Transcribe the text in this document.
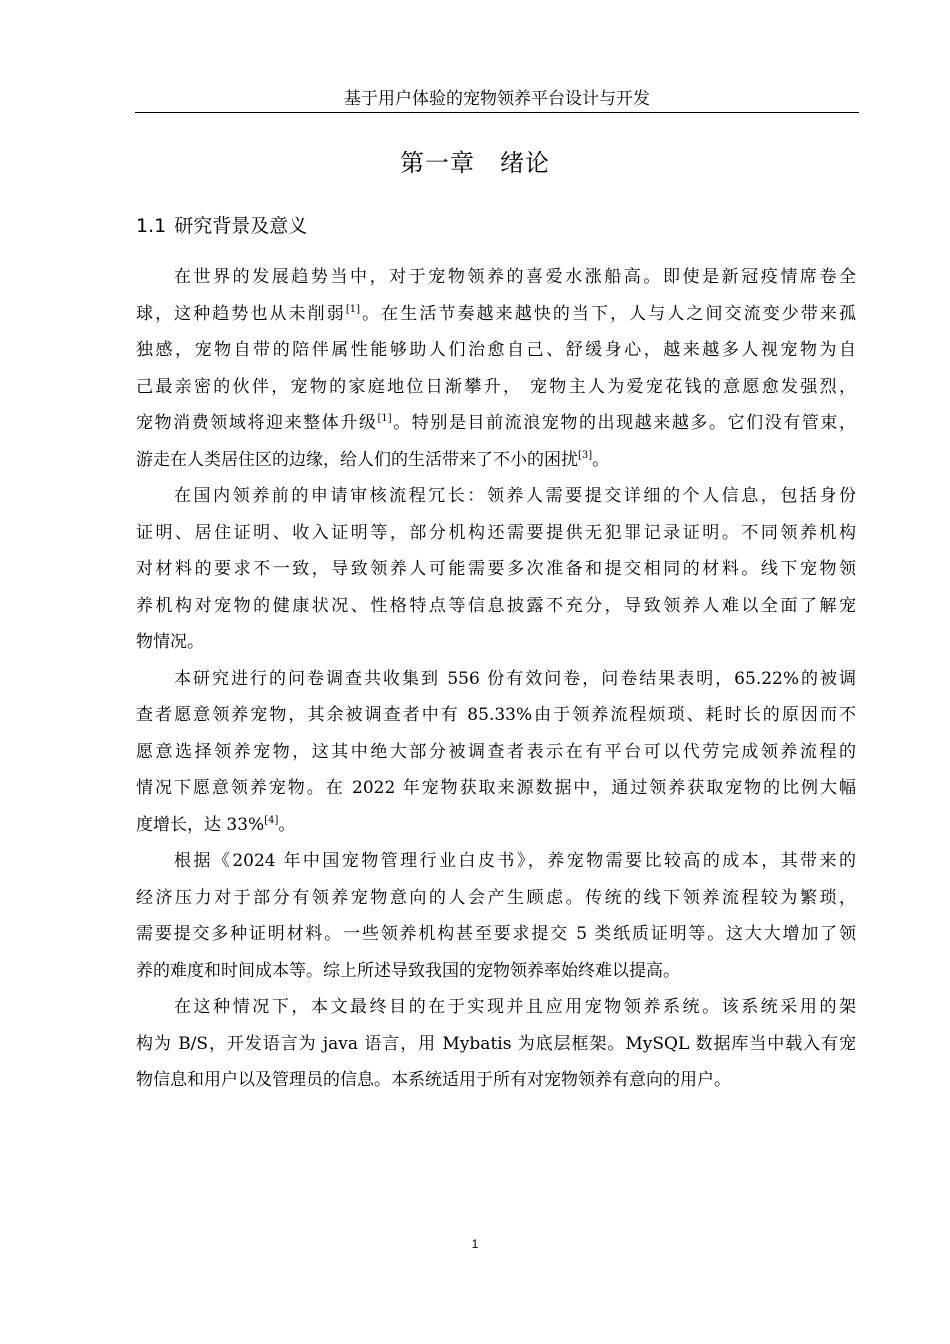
基于用户体验的宠物领养平台设计与开发
第一章　绪论
1.1 研究背景及意义
在世界的发展趋势当中，对于宠物领养的喜爱水涨船高。即使是新冠疫情席卷全
球，这种趋势也从未削弱[1]。在生活节奏越来越快的当下，人与人之间交流变少带来孤
独感，宠物自带的陪伴属性能够助人们治愈自己、舒缓身心，越来越多人视宠物为自
己最亲密的伙伴，宠物的家庭地位日渐攀升， 宠物主人为爱宠花钱的意愿愈发强烈，
宠物消费领域将迎来整体升级[1]。特别是目前流浪宠物的出现越来越多。它们没有管束，
游走在人类居住区的边缘，给人们的生活带来了不小的困扰[3]。
在国内领养前的申请审核流程冗长：领养人需要提交详细的个人信息，包括身份
证明、居住证明、收入证明等，部分机构还需要提供无犯罪记录证明。不同领养机构
对材料的要求不一致，导致领养人可能需要多次准备和提交相同的材料。线下宠物领
养机构对宠物的健康状况、性格特点等信息披露不充分，导致领养人难以全面了解宠
物情况。
本研究进行的问卷调查共收集到 556 份有效问卷，问卷结果表明，65.22%的被调
查者愿意领养宠物，其余被调查者中有 85.33%由于领养流程烦琐、耗时长的原因而不
愿意选择领养宠物，这其中绝大部分被调查者表示在有平台可以代劳完成领养流程的
情况下愿意领养宠物。在 2022 年宠物获取来源数据中，通过领养获取宠物的比例大幅
度增长，达 33%[4]。
根据《2024 年中国宠物管理行业白皮书》，养宠物需要比较高的成本，其带来的
经济压力对于部分有领养宠物意向的人会产生顾虑。传统的线下领养流程较为繁琐，
需要提交多种证明材料。一些领养机构甚至要求提交 5 类纸质证明等。这大大增加了领
养的难度和时间成本等。综上所述导致我国的宠物领养率始终难以提高。
在这种情况下，本文最终目的在于实现并且应用宠物领养系统。该系统采用的架
构为 B/S，开发语言为 java 语言，用 Mybatis 为底层框架。MySQL 数据库当中载入有宠
物信息和用户以及管理员的信息。本系统适用于所有对宠物领养有意向的用户。
1
